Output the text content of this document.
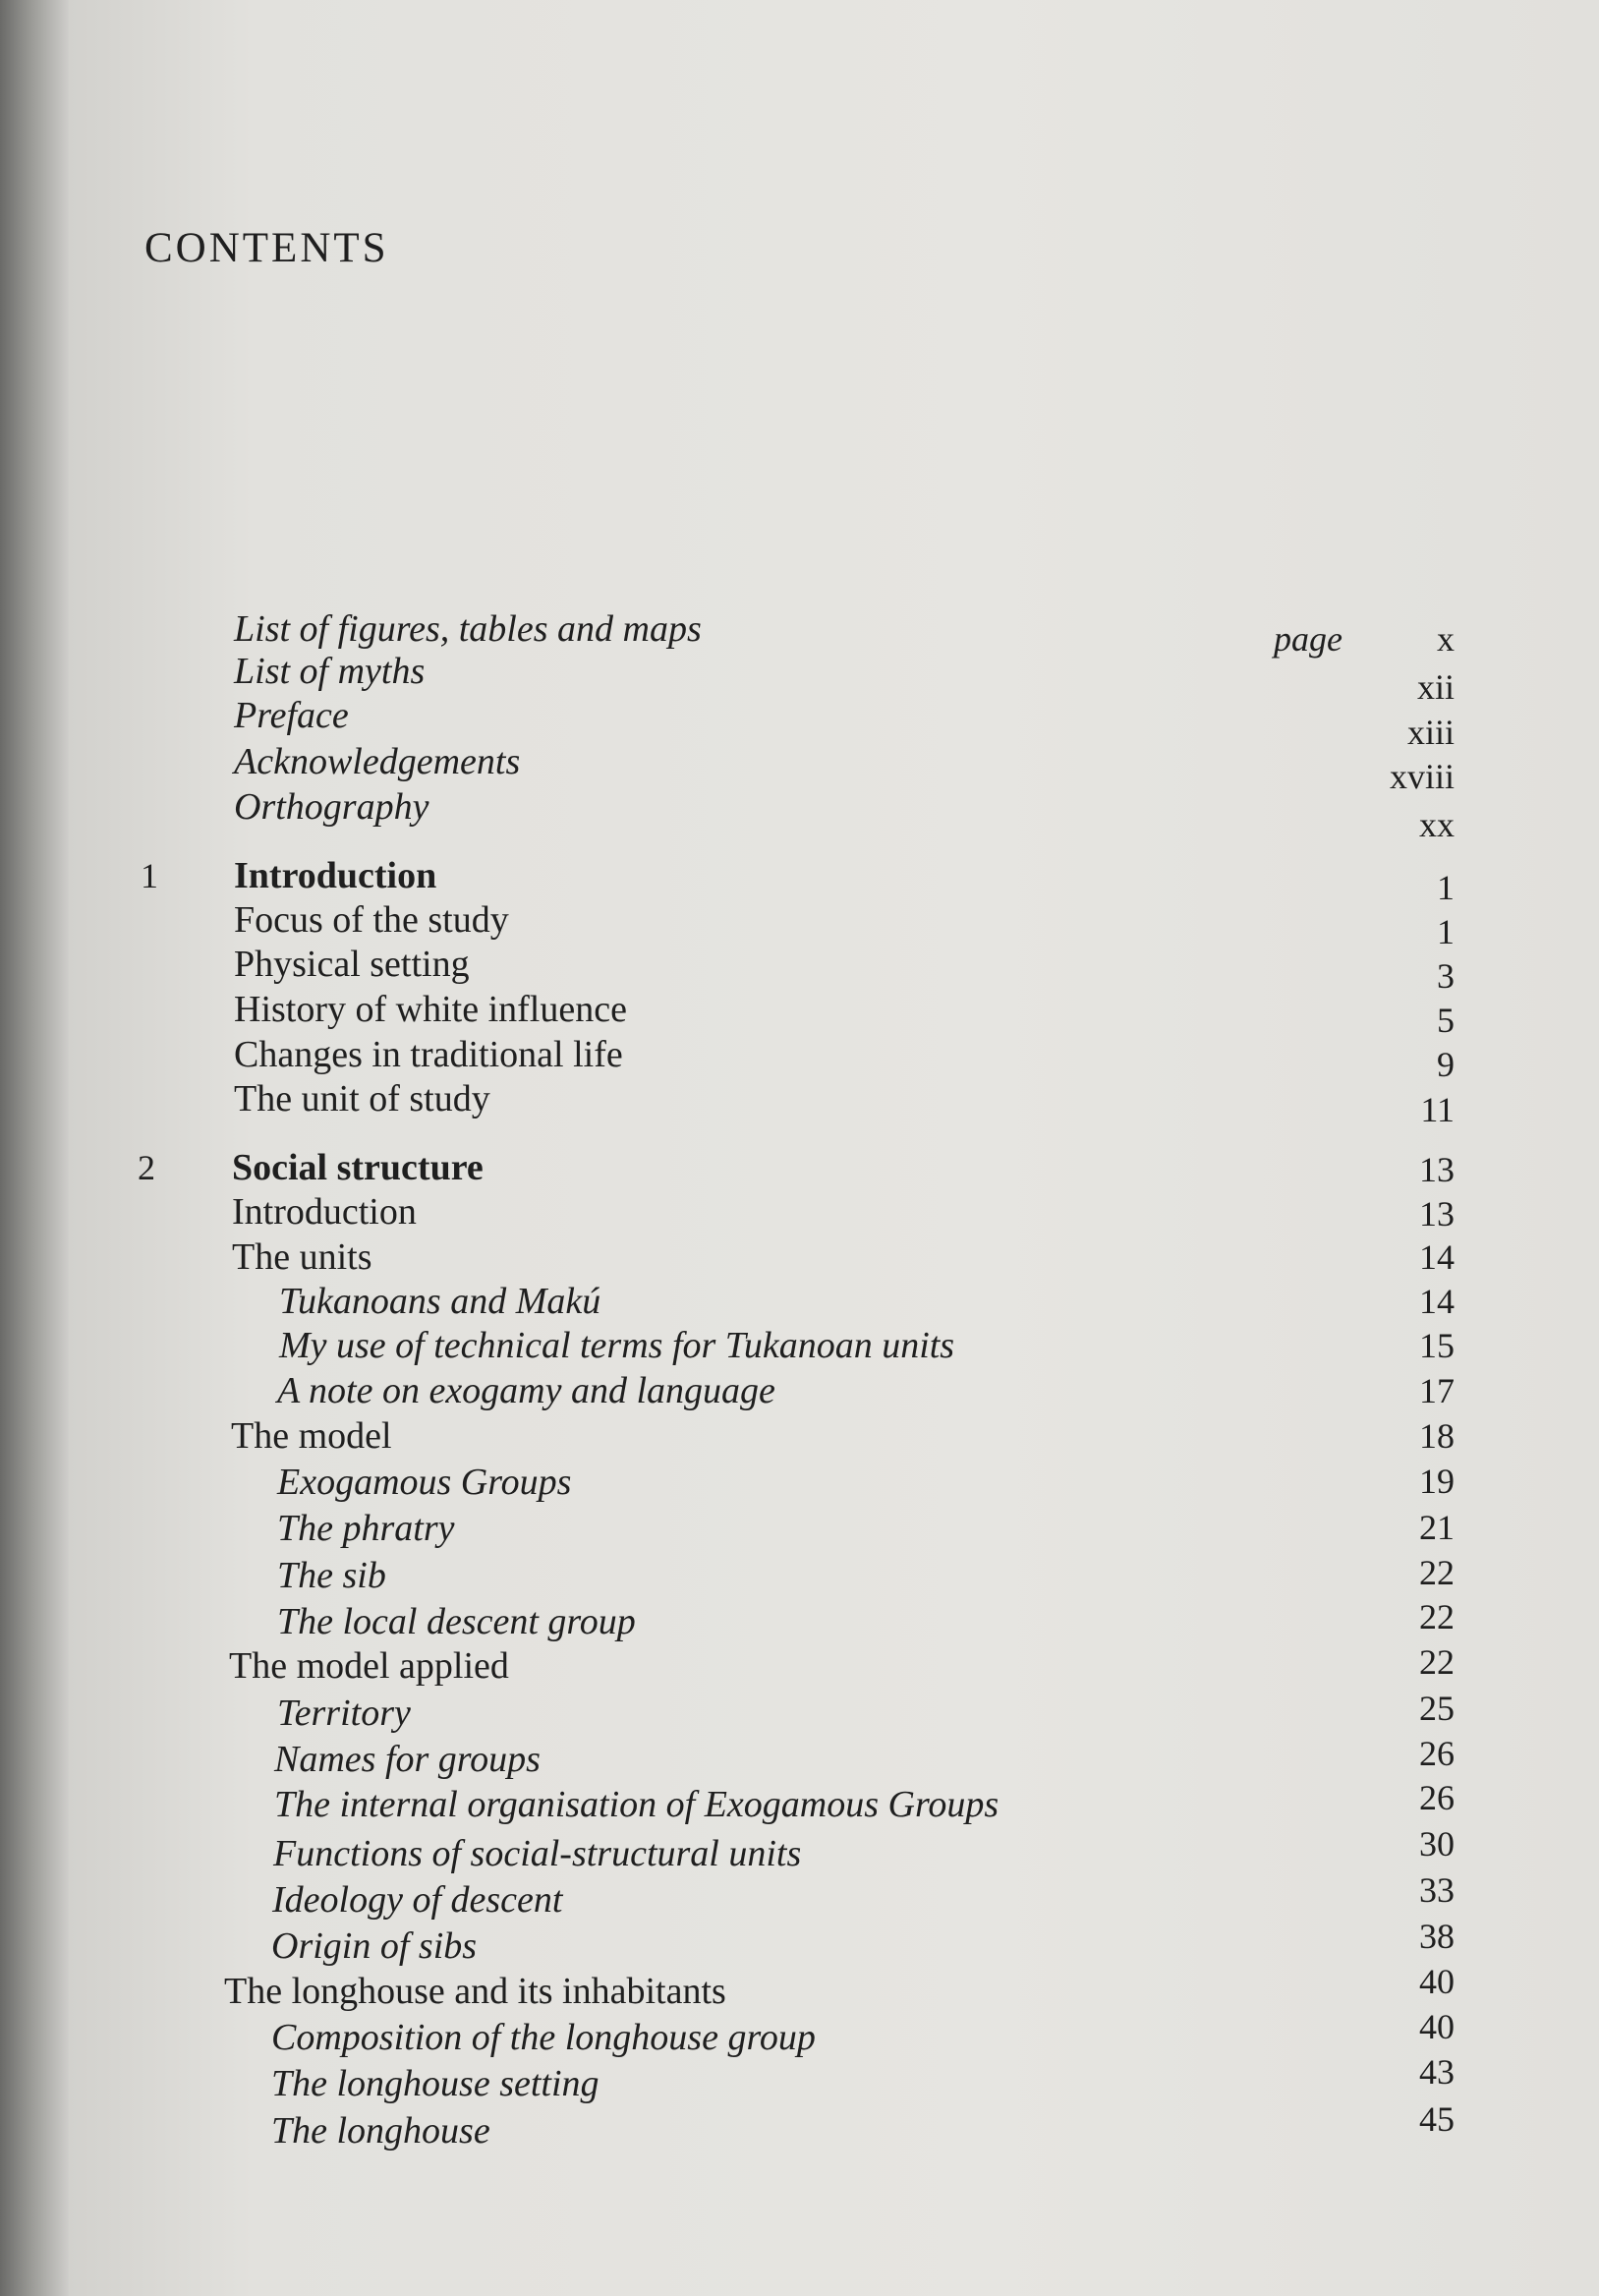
CONTENTS
List of figures, tables and maps	page	x
List of myths	xii
Preface	xiii
Acknowledgements	xviii
Orthography	xx
1 Introduction	1
Focus of the study	1
Physical setting	3
History of white influence	5
Changes in traditional life	9
The unit of study	11
2 Social structure	13
Introduction	13
The units	14
Tukanoans and Makú	14
My use of technical terms for Tukanoan units	15
A note on exogamy and language	17
The model	18
Exogamous Groups	19
The phratry	21
The sib	22
The local descent group	22
The model applied	22
Territory	25
Names for groups	26
The internal organisation of Exogamous Groups	26
Functions of social-structural units	30
Ideology of descent	33
Origin of sibs	38
The longhouse and its inhabitants	40
Composition of the longhouse group	40
The longhouse setting	43
The longhouse	45
